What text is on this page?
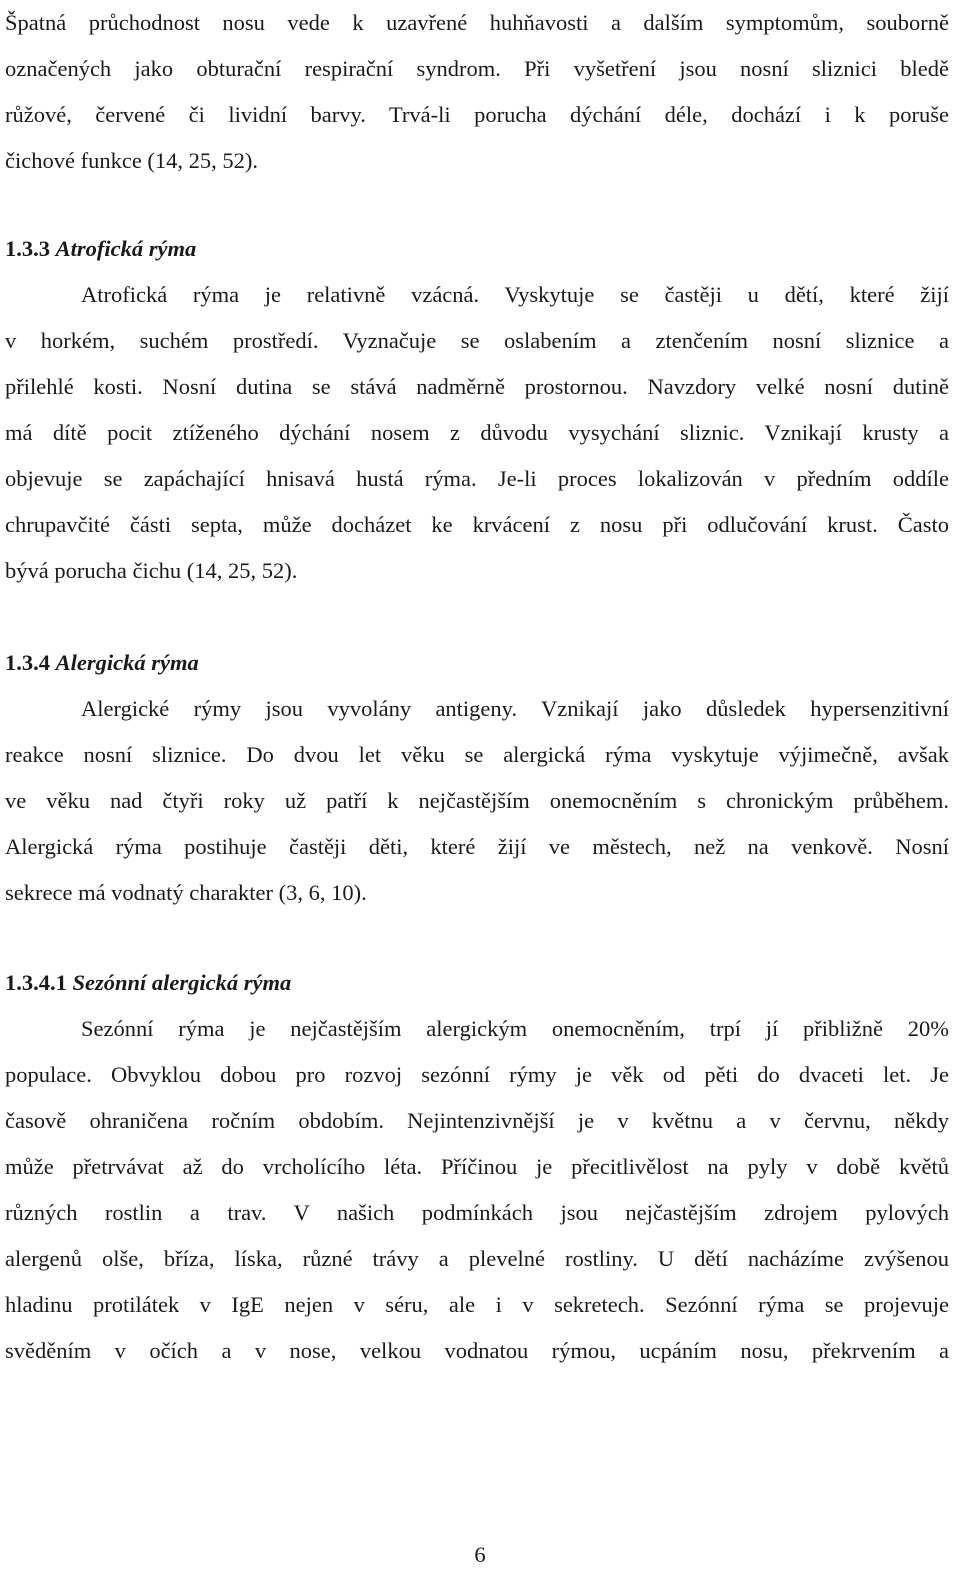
Špatná průchodnost nosu vede k uzavřené huhňavosti a dalším symptomům, souborně
označených jako obturační respirační syndrom. Při vyšetření jsou nosní sliznici bledě
růžové, červené či lividní barvy. Trvá-li porucha dýchání déle, dochází i k poruše
čichové funkce (14, 25, 52).
1.3.3 Atrofická rýma
Atrofická rýma je relativně vzácná. Vyskytuje se častěji u dětí, které žijí
v horkém, suchém prostředí. Vyznačuje se oslabením a ztenčením nosní sliznice a
přilehlé kosti. Nosní dutina se stává nadměrně prostornou. Navzdory velké nosní dutině
má dítě pocit ztíženého dýchání nosem z důvodu vysychání sliznic. Vznikají krusty a
objevuje se zapáchající hnisavá hustá rýma. Je-li proces lokalizován v předním oddíle
chrupavčité části septa, může docházet ke krvácení z nosu při odlučování krust. Často
bývá porucha čichu (14, 25, 52).
1.3.4 Alergická rýma
Alergické rýmy jsou vyvolány antigeny. Vznikají jako důsledek hypersenzitivní
reakce nosní sliznice. Do dvou let věku se alergická rýma vyskytuje výjimečně, avšak
ve věku nad čtyři roky už patří k nejčastějším onemocněním s chronickým průběhem.
Alergická rýma postihuje častěji děti, které žijí ve městech, než na venkově. Nosní
sekrece má vodnatý charakter (3, 6, 10).
1.3.4.1 Sezónní alergická rýma
Sezónní rýma je nejčastějším alergickým onemocněním, trpí jí přibližně 20%
populace. Obvyklou dobou pro rozvoj sezónní rýmy je věk od pěti do dvaceti let. Je
časově ohraničena ročním obdobím. Nejintenzivnější je v květnu a v červnu, někdy
může přetrvávat až do vrcholícího léta. Příčinou je přecitlivělost na pyly v době květů
různých rostlin a trav. V našich podmínkách jsou nejčastějším zdrojem pylových
alergenů olše, bříza, líska, různé trávy a plevelné rostliny. U dětí nacházíme zvýšenou
hladinu protilátek v IgE nejen v séru, ale i v sekretech. Sezónní rýma se projevuje
svěděním v očích a v nose, velkou vodnatou rýmou, ucpáním nosu, překrvením a
6
